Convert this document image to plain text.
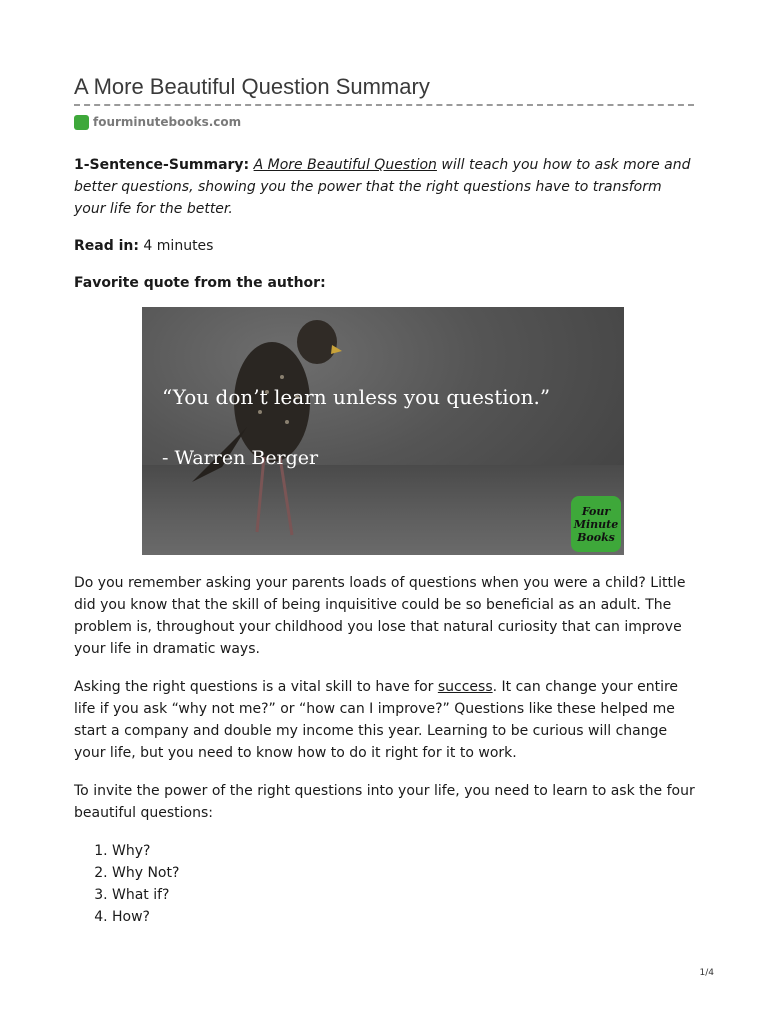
A More Beautiful Question Summary
fourminutebooks.com

1-Sentence-Summary: A More Beautiful Question will teach you how to ask more and better questions, showing you the power that the right questions have to transform your life for the better.

Read in: 4 minutes

Favorite quote from the author:

“You don’t learn unless you question.”
- Warren Berger
Four
Minute
Books

Do you remember asking your parents loads of questions when you were a child? Little did you know that the skill of being inquisitive could be so beneficial as an adult. The problem is, throughout your childhood you lose that natural curiosity that can improve your life in dramatic ways.

Asking the right questions is a vital skill to have for success. It can change your entire life if you ask “why not me?” or “how can I improve?” Questions like these helped me start a company and double my income this year. Learning to be curious will change your life, but you need to know how to do it right for it to work.

To invite the power of the right questions into your life, you need to learn to ask the four beautiful questions:

1. Why?
2. Why Not?
3. What if?
4. How?
1/4
